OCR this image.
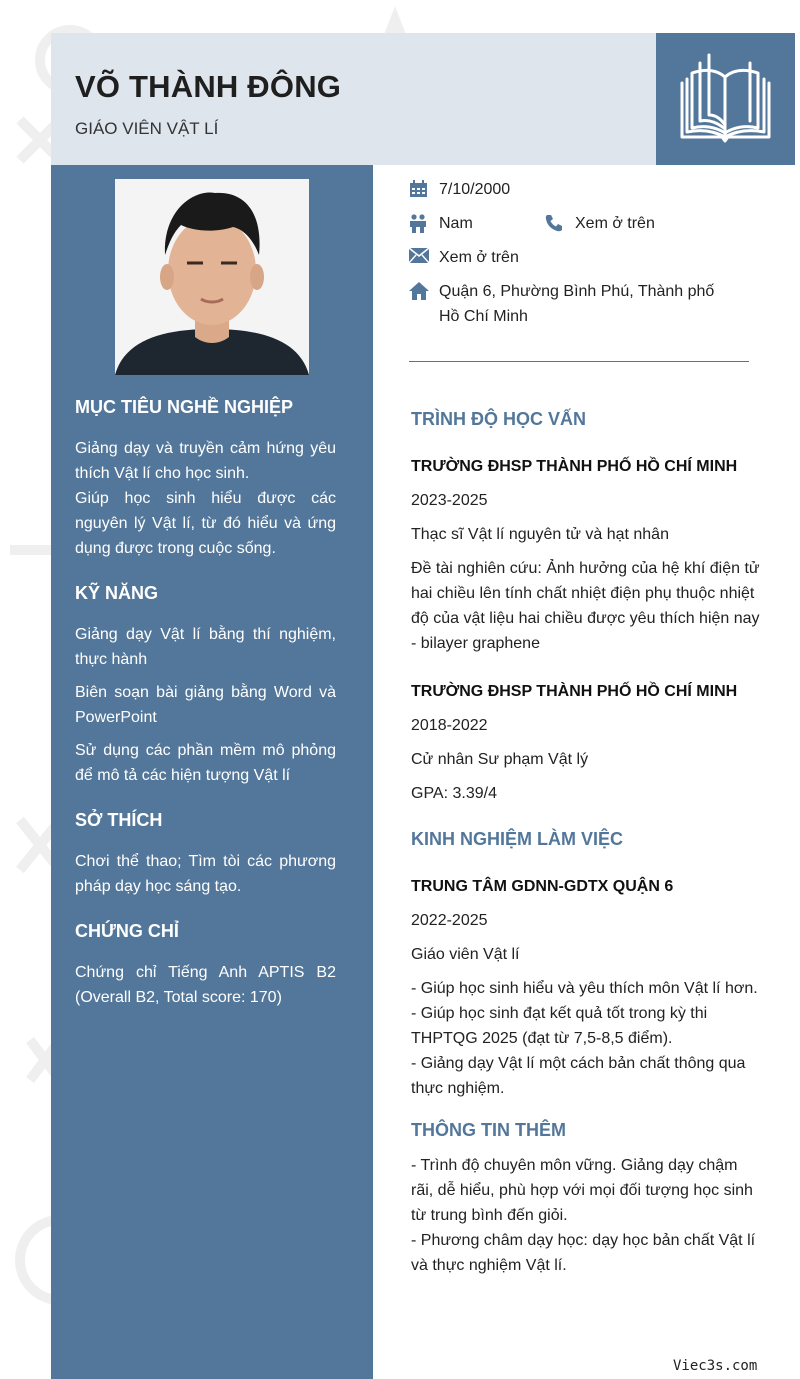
VÕ THÀNH ĐÔNG
GIÁO VIÊN VẬT LÍ
MỤC TIÊU NGHỀ NGHIỆP

Giảng dạy và truyền cảm hứng yêu thích Vật lí cho học sinh.

Giúp học sinh hiểu được các nguyên lý Vật lí, từ đó hiểu và ứng dụng được trong cuộc sống.

KỸ NĂNG

Giảng dạy Vật lí bằng thí nghiệm, thực hành

Biên soạn bài giảng bằng Word và PowerPoint

Sử dụng các phần mềm mô phỏng để mô tả các hiện tượng Vật lí

SỞ THÍCH

Chơi thể thao; Tìm tòi các phương pháp dạy học sáng tạo.

CHỨNG CHỈ

Chứng chỉ Tiếng Anh APTIS B2 (Overall B2, Total score: 170)

7/10/2000
Nam	Xem ở trên
Xem ở trên
Quận 6, Phường Bình Phú, Thành phố Hồ Chí Minh
TRÌNH ĐỘ HỌC VẤN
TRƯỜNG ĐHSP THÀNH PHỐ HỒ CHÍ MINH

2023-2025

Thạc sĩ Vật lí nguyên tử và hạt nhân

Đề tài nghiên cứu: Ảnh hưởng của hệ khí điện tử hai chiều lên tính chất nhiệt điện phụ thuộc nhiệt độ của vật liệu hai chiều được yêu thích hiện nay - bilayer graphene

TRƯỜNG ĐHSP THÀNH PHỐ HỒ CHÍ MINH

2018-2022

Cử nhân Sư phạm Vật lý

GPA: 3.39/4

KINH NGHIỆM LÀM VIỆC
TRUNG TÂM GDNN-GDTX QUẬN 6

2022-2025

Giáo viên Vật lí

- Giúp học sinh hiểu và yêu thích môn Vật lí hơn.

- Giúp học sinh đạt kết quả tốt trong kỳ thi THPTQG 2025 (đạt từ 7,5-8,5 điểm).

- Giảng dạy Vật lí một cách bản chất thông qua thực nghiệm.

THÔNG TIN THÊM

- Trình độ chuyên môn vững. Giảng dạy chậm rãi, dễ hiểu, phù hợp với mọi đối tượng học sinh từ trung bình đến giỏi.

- Phương châm dạy học: dạy học bản chất Vật lí và thực nghiệm Vật lí.

Viec3s.com
